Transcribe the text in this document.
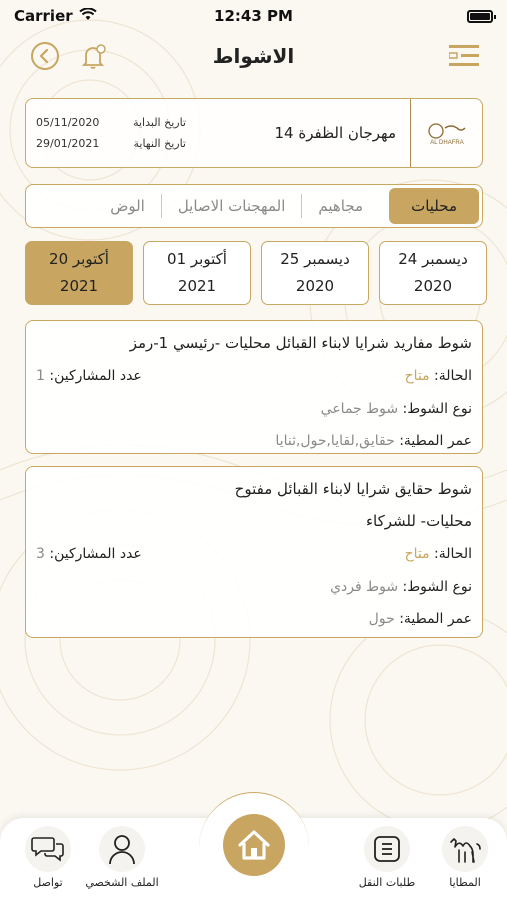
Carrier	12:43 PM
الاشواط
AL DHAFRA
مهرجان الظفرة 14
تاريخ البداية
05/11/2020
تاريخ النهاية
29/01/2021
محليات
مجاهيم
المهجنات الاصايل
الوض
20 أكتوبر
2021
01 أكتوبر
2021
25 ديسمبر
2020
24 ديسمبر
2020
شوط مفاريد شرايا لابناء القبائل محليات -رئيسي 1-رمز
الحالة: متاح
عدد المشاركين: 1
نوع الشوط: شوط جماعي
عمر المطية: حقايق,لقايا,حول,ثنايا
شوط حقايق شرايا لابناء القبائل مفتوح
محليات- للشركاء
الحالة: متاح
عدد المشاركين: 3
نوع الشوط: شوط فردي
عمر المطية: حول
تواصل الملف الشخصي	طلبات النقل	المطايا
